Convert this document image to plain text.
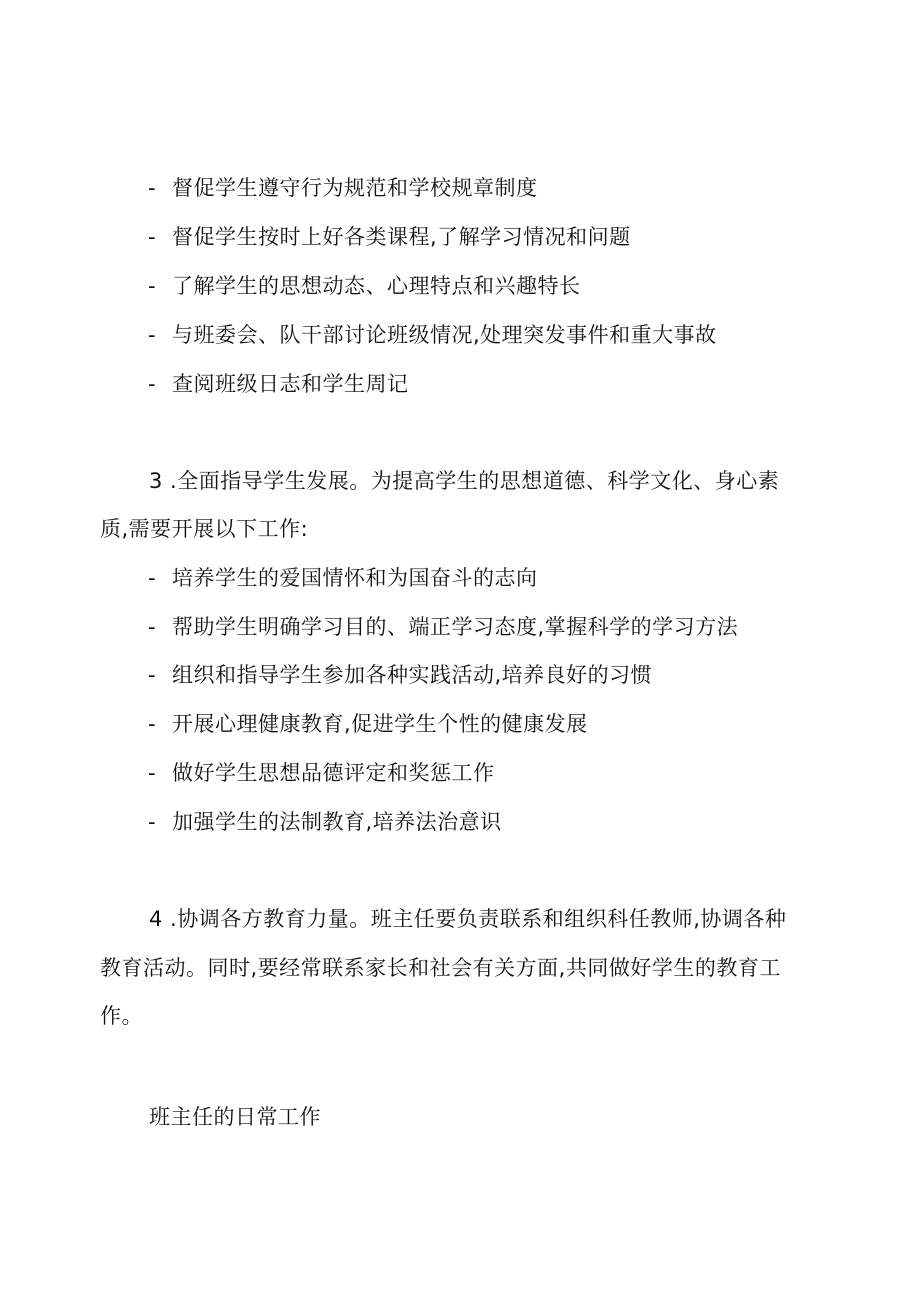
- 督促学生遵守行为规范和学校规章制度
- 督促学生按时上好各类课程,了解学习情况和问题
- 了解学生的思想动态、心理特点和兴趣特长
- 与班委会、队干部讨论班级情况,处理突发事件和重大事故
- 查阅班级日志和学生周记
3 .全面指导学生发展。为提高学生的思想道德、科学文化、身心素
质,需要开展以下工作:
- 培养学生的爱国情怀和为国奋斗的志向
- 帮助学生明确学习目的、端正学习态度,掌握科学的学习方法
- 组织和指导学生参加各种实践活动,培养良好的习惯
- 开展心理健康教育,促进学生个性的健康发展
- 做好学生思想品德评定和奖惩工作
- 加强学生的法制教育,培养法治意识
4 .协调各方教育力量。班主任要负责联系和组织科任教师,协调各种
教育活动。同时,要经常联系家长和社会有关方面,共同做好学生的教育工
作。
班主任的日常工作
